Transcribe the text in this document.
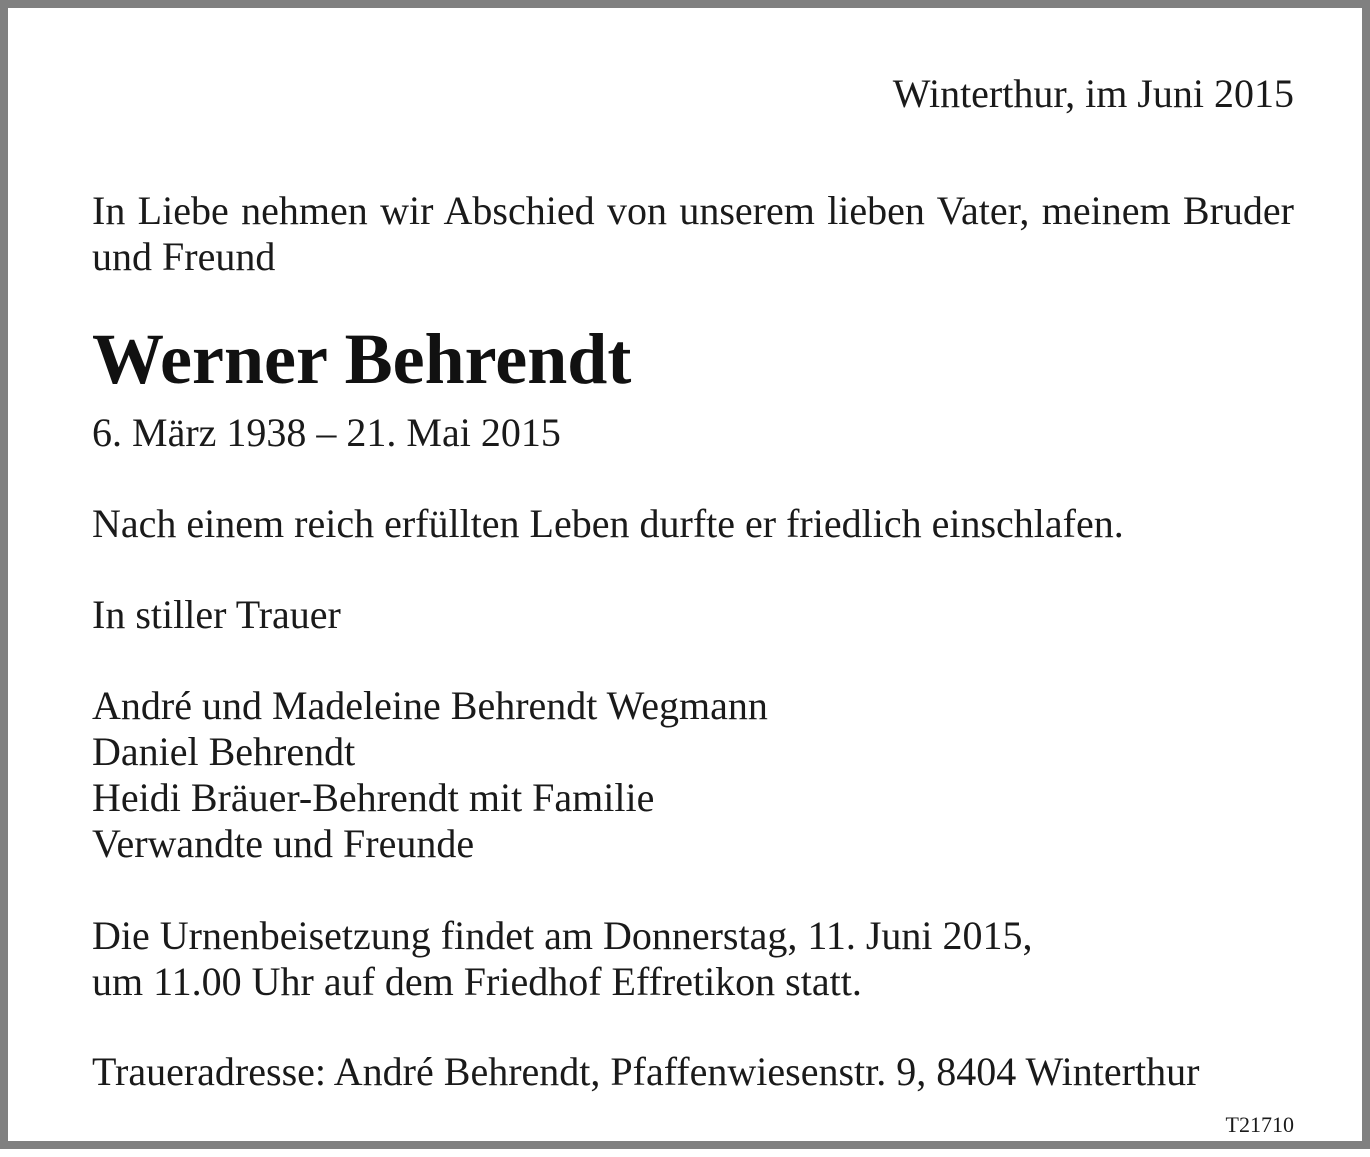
Winterthur, im Juni 2015
In Liebe nehmen wir Abschied von unserem lieben Vater, meinem Bruder und Freund
Werner Behrendt
6. März 1938 – 21. Mai 2015
Nach einem reich erfüllten Leben durfte er friedlich einschlafen.
In stiller Trauer
André und Madeleine Behrendt Wegmann
Daniel Behrendt
Heidi Bräuer-Behrendt mit Familie
Verwandte und Freunde
Die Urnenbeisetzung findet am Donnerstag, 11. Juni 2015,
um 11.00 Uhr auf dem Friedhof Effretikon statt.
Traueradresse: André Behrendt, Pfaffenwiesenstr. 9, 8404 Winterthur
T21710
